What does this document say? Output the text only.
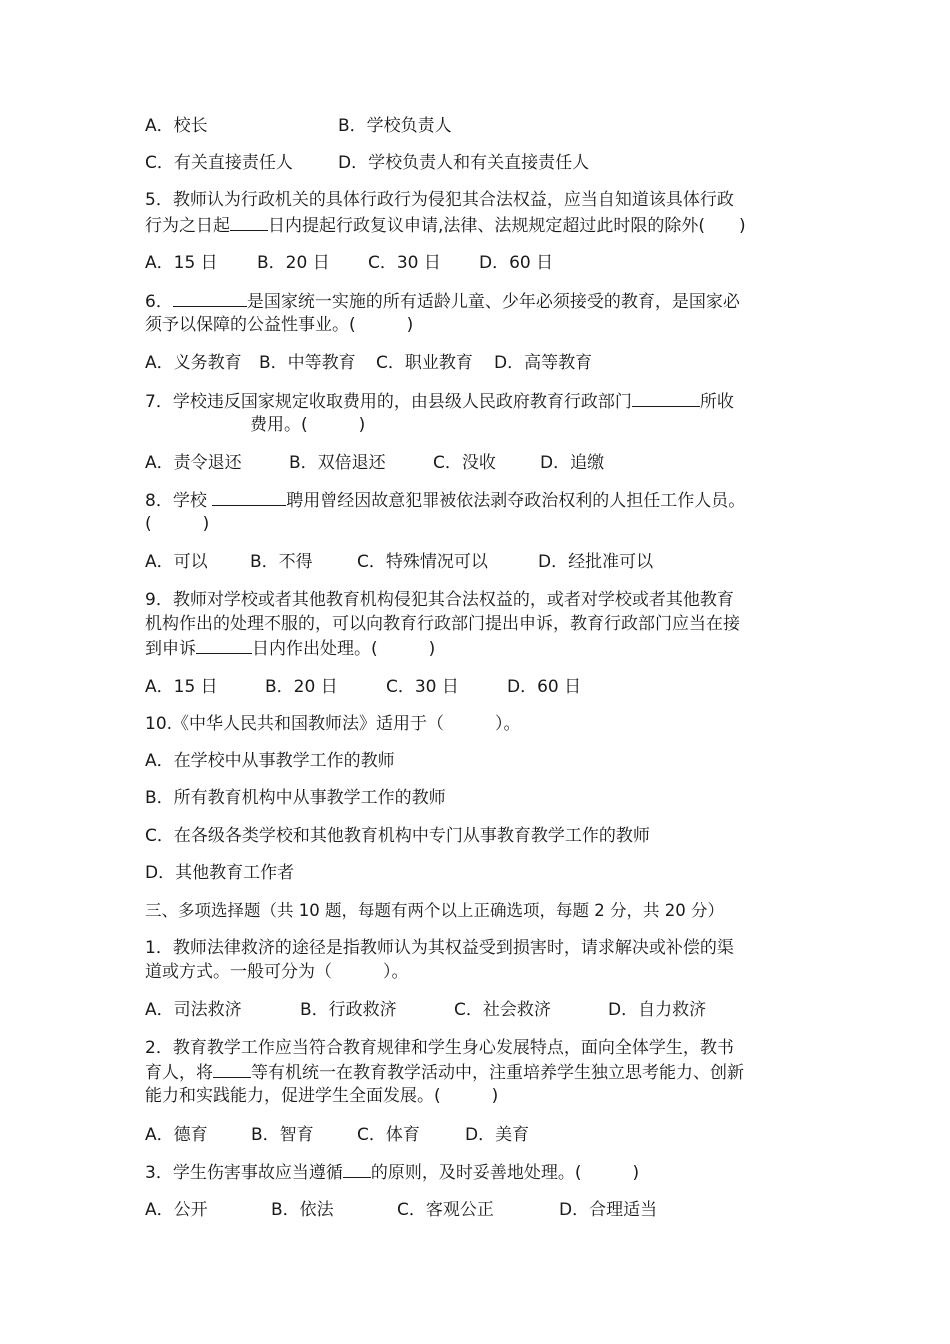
A．校长	B．学校负责人
C．有关直接责任人	D．学校负责人和有关直接责任人
5．教师认为行政机关的具体行政行为侵犯其合法权益，应当自知道该具体行政
行为之日起 日内提起行政复议申请,法律、法规规定超过此时限的除外(　　)
A．15 日 B．20 日 C．30 日 D．60 日
6．	是国家统一实施的所有适龄儿童、少年必须接受的教育，是国家必
须予以保障的公益性事业。(　　　)
A．义务教育 B．中等教育 C．职业教育 D．高等教育
7．学校违反国家规定收取费用的，由县级人民政府教育行政部门	所收
费用。(　　　)
A．责令退还	B．双倍退还	C．没收	D．追缴
8．学校	聘用曾经因故意犯罪被依法剥夺政治权利的人担任工作人员。
(　　　)
A．可以 B．不得	C．特殊情况可以	D．经批准可以
9．教师对学校或者其他教育机构侵犯其合法权益的，或者对学校或者其他教育
机构作出的处理不服的，可以向教育行政部门提出申诉，教育行政部门应当在接
到申诉	日内作出处理。(　　　)
A．15 日	B．20 日	C．30 日	D．60 日
10.《中华人民共和国教师法》适用于（　　　）。
A．在学校中从事教学工作的教师
B．所有教育机构中从事教学工作的教师
C．在各级各类学校和其他教育机构中专门从事教育教学工作的教师
D．其他教育工作者
三、多项选择题（共 10 题，每题有两个以上正确选项，每题 2 分，共 20 分）
1．教师法律救济的途径是指教师认为其权益受到损害时，请求解决或补偿的渠
道或方式。一般可分为（　　　）。
A．司法救济	B．行政救济	C．社会救济	D．自力救济
2．教育教学工作应当符合教育规律和学生身心发展特点，面向全体学生，教书
育人，将 等有机统一在教育教学活动中，注重培养学生独立思考能力、创新
能力和实践能力，促进学生全面发展。(　　　)
A．德育	B．智育	C．体育	D．美育
3．学生伤害事故应当遵循 的原则，及时妥善地处理。(　　　)
A．公开	B．依法	C．客观公正	D．合理适当
